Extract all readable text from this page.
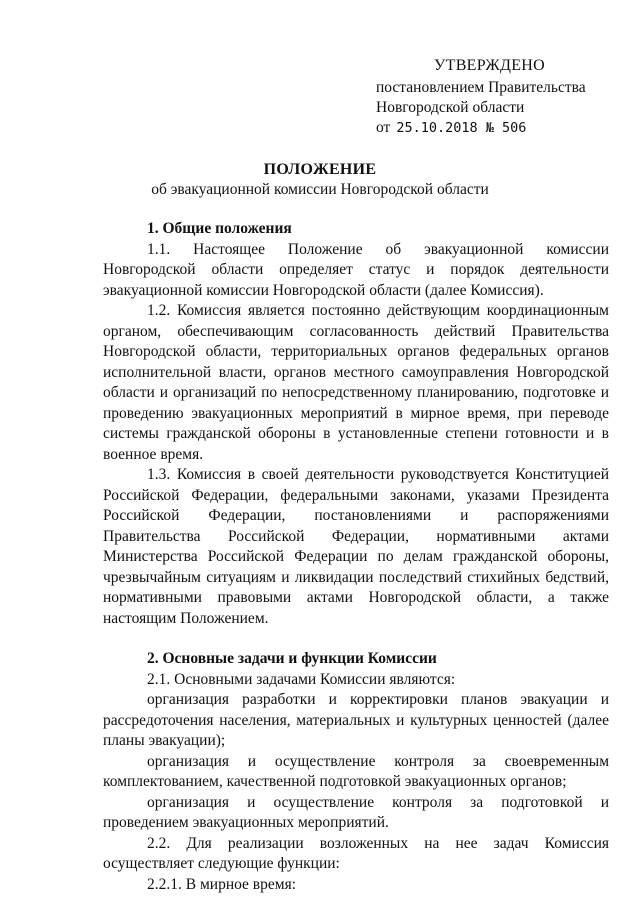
УТВЕРЖДЕНО
постановлением Правительства
Новгородской области
от 25.10.2018 № 506
ПОЛОЖЕНИЕ
об эвакуационной комиссии Новгородской области
1. Общие положения

1.1. Настоящее Положение об эвакуационной комиссии Новгородской области определяет статус и порядок деятельности эвакуационной комиссии Новгородской области (далее Комиссия).

1.2. Комиссия является постоянно действующим координационным органом, обеспечивающим согласованность действий Правительства Новгородской области, территориальных органов федеральных органов исполнительной власти, органов местного самоуправления Новгородской области и организаций по непосредственному планированию, подготовке и проведению эвакуационных мероприятий в мирное время, при переводе системы гражданской обороны в установленные степени готовности и в военное время.

1.3. Комиссия в своей деятельности руководствуется Конституцией Российской Федерации, федеральными законами, указами Президента Российской Федерации, постановлениями и распоряжениями Правительства Российской Федерации, нормативными актами Министерства Российской Федерации по делам гражданской обороны, чрезвычайным ситуациям и ликвидации последствий стихийных бедствий, нормативными правовыми актами Новгородской области, а также настоящим Положением.

2. Основные задачи и функции Комиссии

2.1. Основными задачами Комиссии являются:

организация разработки и корректировки планов эвакуации и рассредоточения населения, материальных и культурных ценностей (далее планы эвакуации);

организация и осуществление контроля за своевременным комплектованием, качественной подготовкой эвакуационных органов;

организация и осуществление контроля за подготовкой и проведением эвакуационных мероприятий.

2.2. Для реализации возложенных на нее задач Комиссия осуществляет следующие функции:

2.2.1. В мирное время:
